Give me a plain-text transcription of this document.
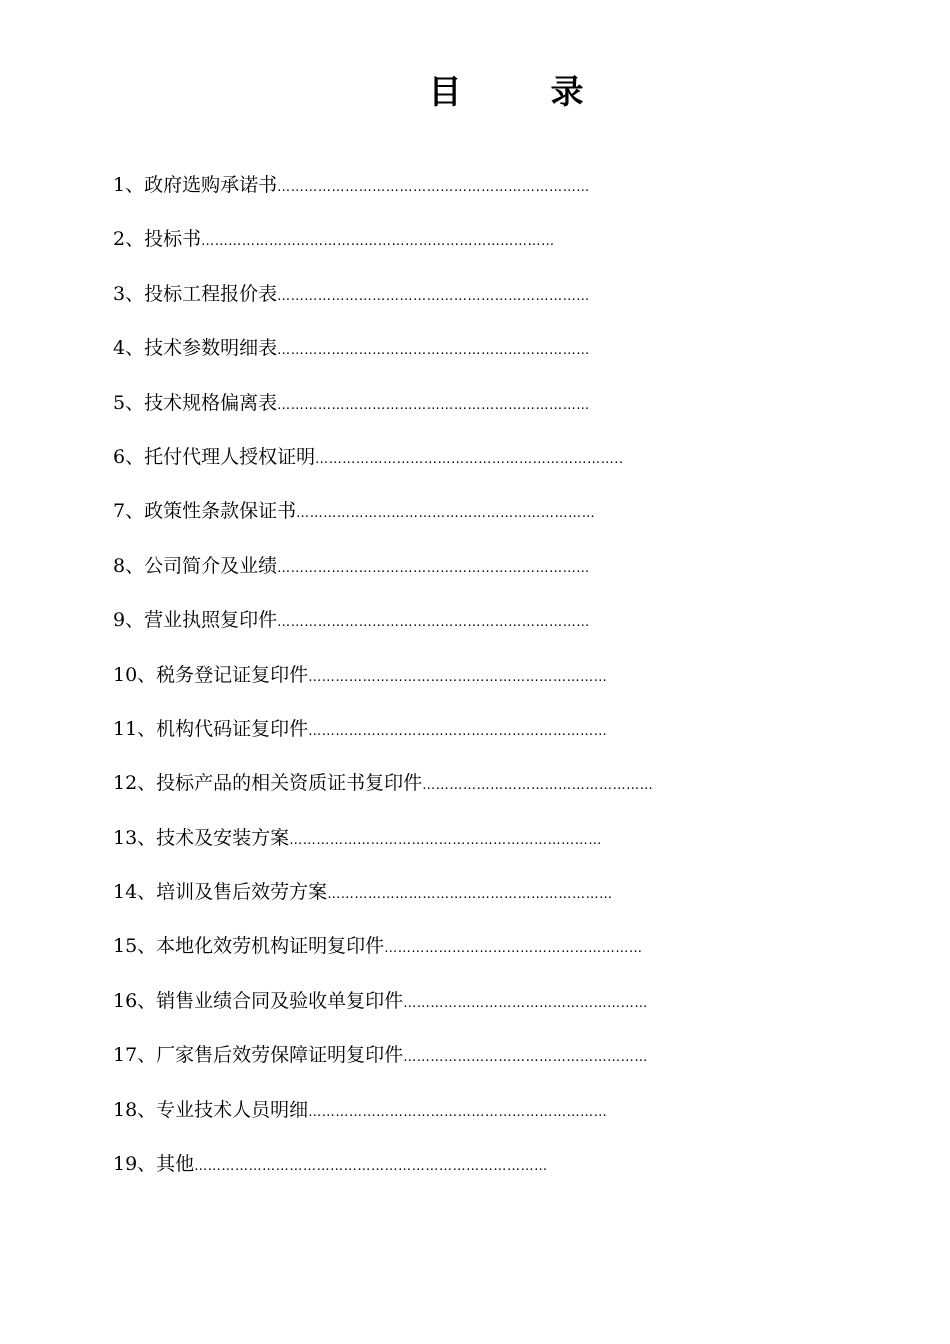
目　录
1、政府选购承诺书 ……………………………………………………………
2、投标书 ……………………………………………………………………
3、投标工程报价表 ……………………………………………………………
4、技术参数明细表 ……………………………………………………………
5、技术规格偏离表 ……………………………………………………………
6、托付代理人授权证明 …………………………………………………………..
7、政策性条款保证书 …………………………………………………………
8、公司简介及业绩 ……………………………………………………………
9、营业执照复印件 ……………………………………………………………
10、税务登记证复印件 …………………………………………………………
11、机构代码证复印件 …………………………………………………………
12、投标产品的相关资质证书复印件 ……………………………………………
13、技术及安装方案 ……………………………………………………………
14、培训及售后效劳方案 ………………………………………………………
15、本地化效劳机构证明复印件 …………………………………………………
16、销售业绩合同及验收单复印件 ………………………………………………
17、厂家售后效劳保障证明复印件 ………………………………………………
18、专业技术人员明细 …………………………………………………………
19、其他 ……………………………………………………………………
